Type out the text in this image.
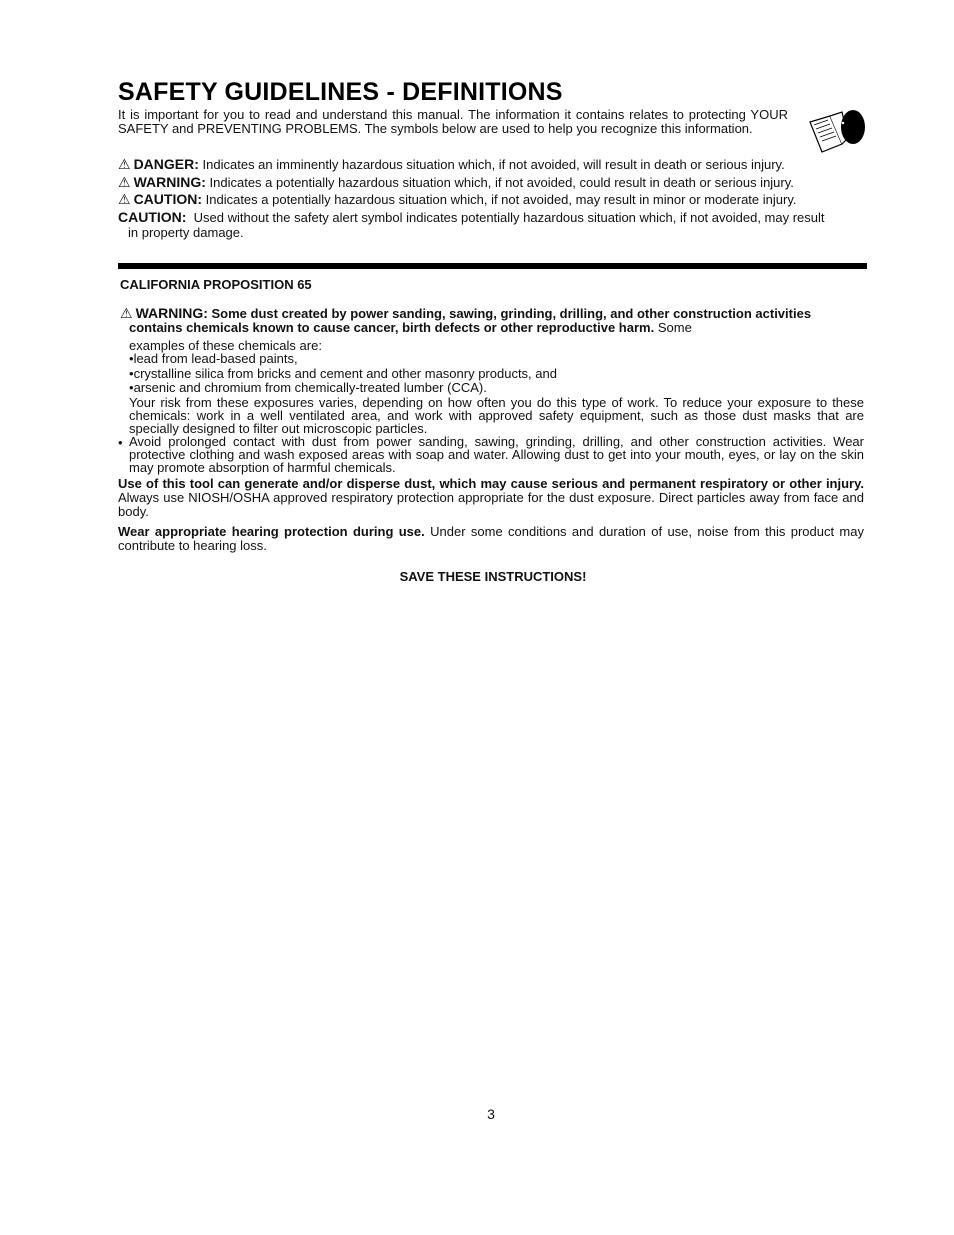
SAFETY GUIDELINES - DEFINITIONS

It is important for you to read and understand this manual. The information it contains relates to protecting YOUR SAFETY and PREVENTING PROBLEMS. The symbols below are used to help you recognize this information.

⚠ DANGER: Indicates an imminently hazardous situation which, if not avoided, will result in death or serious injury.
⚠ WARNING: Indicates a potentially hazardous situation which, if not avoided, could result in death or serious injury.
⚠ CAUTION: Indicates a potentially hazardous situation which, if not avoided, may result in minor or moderate injury.
CAUTION: Used without the safety alert symbol indicates potentially hazardous situation which, if not avoided, may result
in property damage.
CALIFORNIA PROPOSITION 65
⚠ WARNING: Some dust created by power sanding, sawing, grinding, drilling, and other construction activities
contains chemicals known to cause cancer, birth defects or other reproductive harm. Some
examples of these chemicals are:
•lead from lead-based paints,
•crystalline silica from bricks and cement and other masonry products, and
•arsenic and chromium from chemically-treated lumber (CCA).
Your risk from these exposures varies, depending on how often you do this type of work. To reduce your exposure to these chemicals: work in a well ventilated area, and work with approved safety equipment, such as those dust masks that are specially designed to filter out microscopic particles.
• Avoid prolonged contact with dust from power sanding, sawing, grinding, drilling, and other construction activities. Wear protective clothing and wash exposed areas with soap and water. Allowing dust to get into your mouth, eyes, or lay on the skin may promote absorption of harmful chemicals.
Use of this tool can generate and/or disperse dust, which may cause serious and permanent respiratory or other injury. Always use NIOSH/OSHA approved respiratory protection appropriate for the dust exposure. Direct particles away from face and body.
Wear appropriate hearing protection during use. Under some conditions and duration of use, noise from this product may contribute to hearing loss.
SAVE THESE INSTRUCTIONS!
3
